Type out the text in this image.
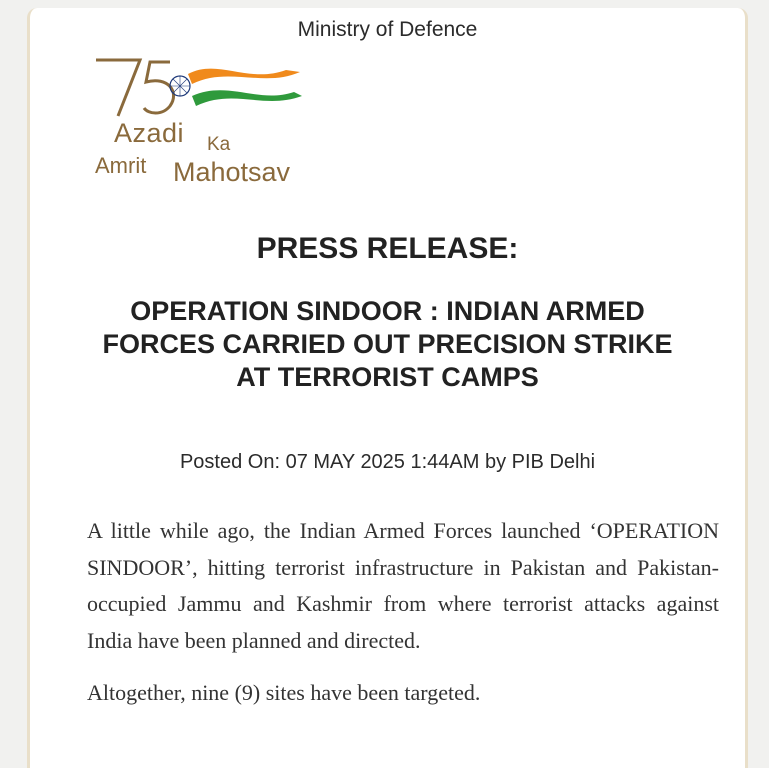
Ministry of Defence
Azadi Ka
Amrit Mahotsav
PRESS RELEASE:
OPERATION SINDOOR : INDIAN ARMED FORCES CARRIED OUT PRECISION STRIKE AT TERRORIST CAMPS
Posted On: 07 MAY 2025 1:44AM by PIB Delhi

A little while ago, the Indian Armed Forces launched ‘OPERATION SINDOOR’, hitting terrorist infrastructure in Pakistan and Pakistan-occupied Jammu and Kashmir from where terrorist attacks against India have been planned and directed.

Altogether, nine (9) sites have been targeted.
